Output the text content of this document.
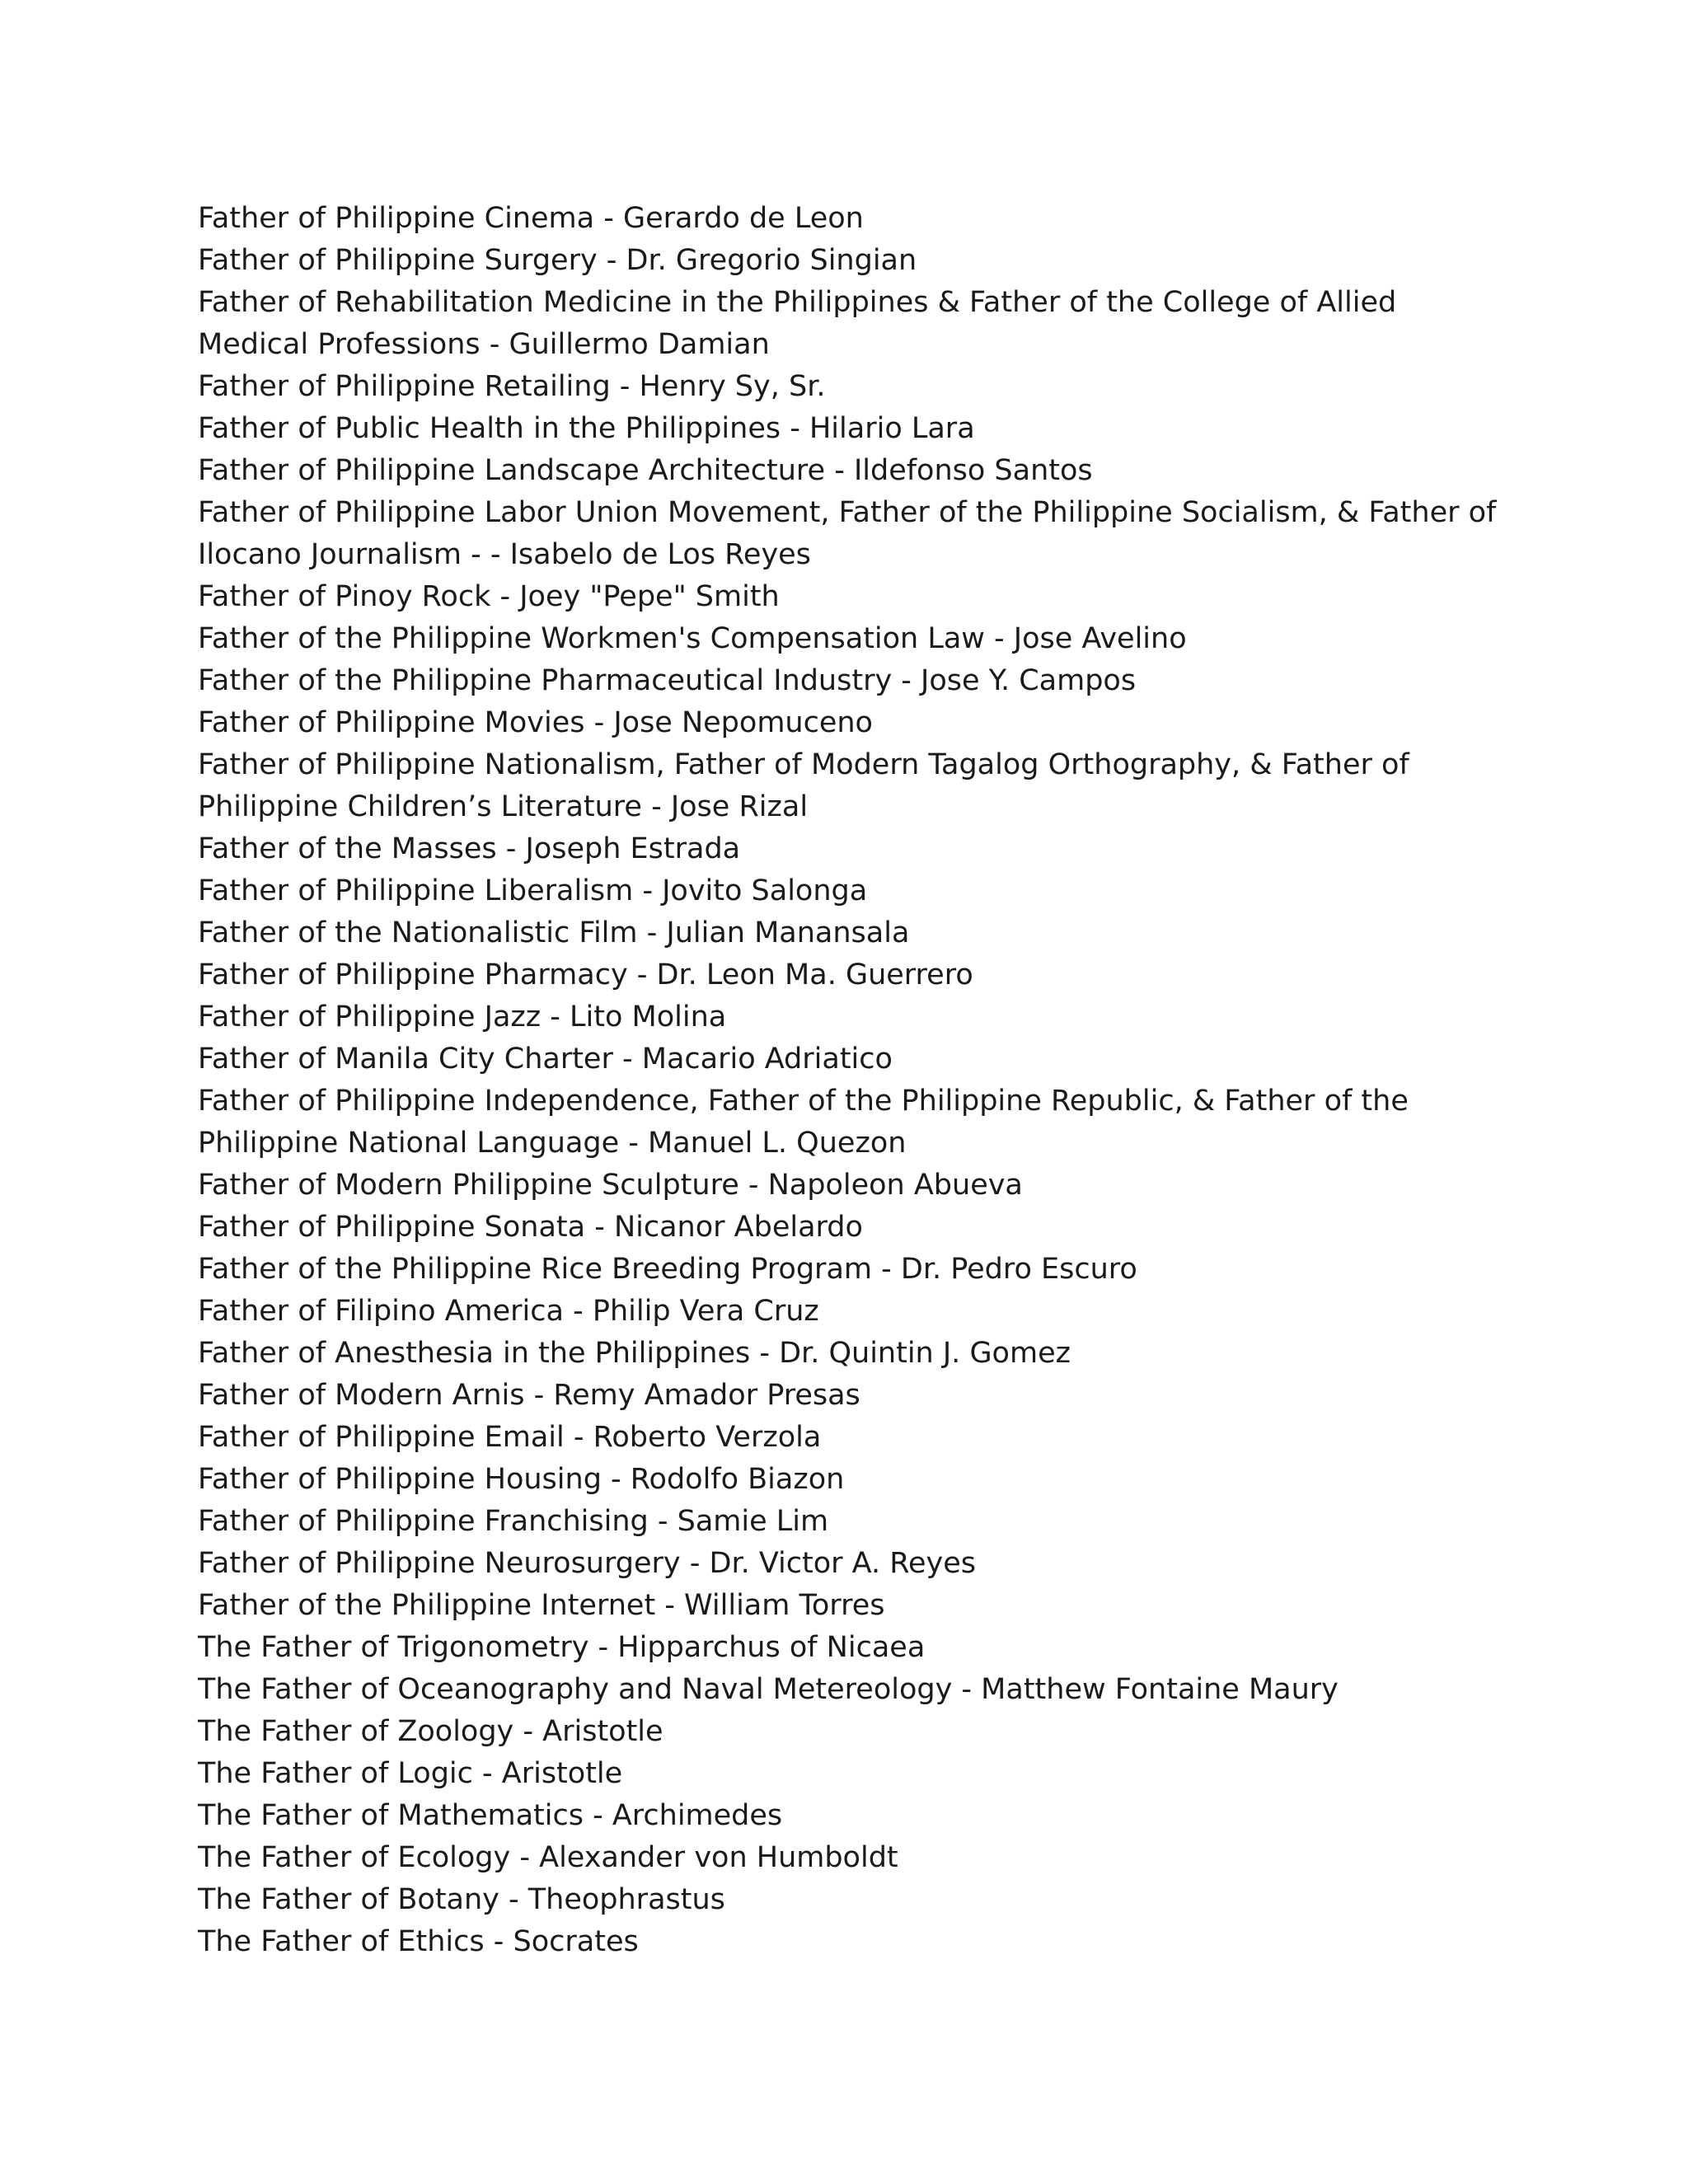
Father of Philippine Cinema - Gerardo de Leon
Father of Philippine Surgery - Dr. Gregorio Singian
Father of Rehabilitation Medicine in the Philippines & Father of the College of Allied
Medical Professions - Guillermo Damian
Father of Philippine Retailing - Henry Sy, Sr.
Father of Public Health in the Philippines - Hilario Lara
Father of Philippine Landscape Architecture - Ildefonso Santos
Father of Philippine Labor Union Movement, Father of the Philippine Socialism, & Father of
Ilocano Journalism - - Isabelo de Los Reyes
Father of Pinoy Rock - Joey "Pepe" Smith
Father of the Philippine Workmen's Compensation Law - Jose Avelino
Father of the Philippine Pharmaceutical Industry - Jose Y. Campos
Father of Philippine Movies - Jose Nepomuceno
Father of Philippine Nationalism, Father of Modern Tagalog Orthography, & Father of
Philippine Children’s Literature - Jose Rizal
Father of the Masses - Joseph Estrada
Father of Philippine Liberalism - Jovito Salonga
Father of the Nationalistic Film - Julian Manansala
Father of Philippine Pharmacy - Dr. Leon Ma. Guerrero
Father of Philippine Jazz - Lito Molina
Father of Manila City Charter - Macario Adriatico
Father of Philippine Independence, Father of the Philippine Republic, & Father of the
Philippine National Language - Manuel L. Quezon
Father of Modern Philippine Sculpture - Napoleon Abueva
Father of Philippine Sonata - Nicanor Abelardo
Father of the Philippine Rice Breeding Program - Dr. Pedro Escuro
Father of Filipino America - Philip Vera Cruz
Father of Anesthesia in the Philippines - Dr. Quintin J. Gomez
Father of Modern Arnis - Remy Amador Presas
Father of Philippine Email - Roberto Verzola
Father of Philippine Housing - Rodolfo Biazon
Father of Philippine Franchising - Samie Lim
Father of Philippine Neurosurgery - Dr. Victor A. Reyes
Father of the Philippine Internet - William Torres
The Father of Trigonometry - Hipparchus of Nicaea
The Father of Oceanography and Naval Metereology - Matthew Fontaine Maury
The Father of Zoology - Aristotle
The Father of Logic - Aristotle
The Father of Mathematics - Archimedes
The Father of Ecology - Alexander von Humboldt
The Father of Botany - Theophrastus
The Father of Ethics - Socrates
